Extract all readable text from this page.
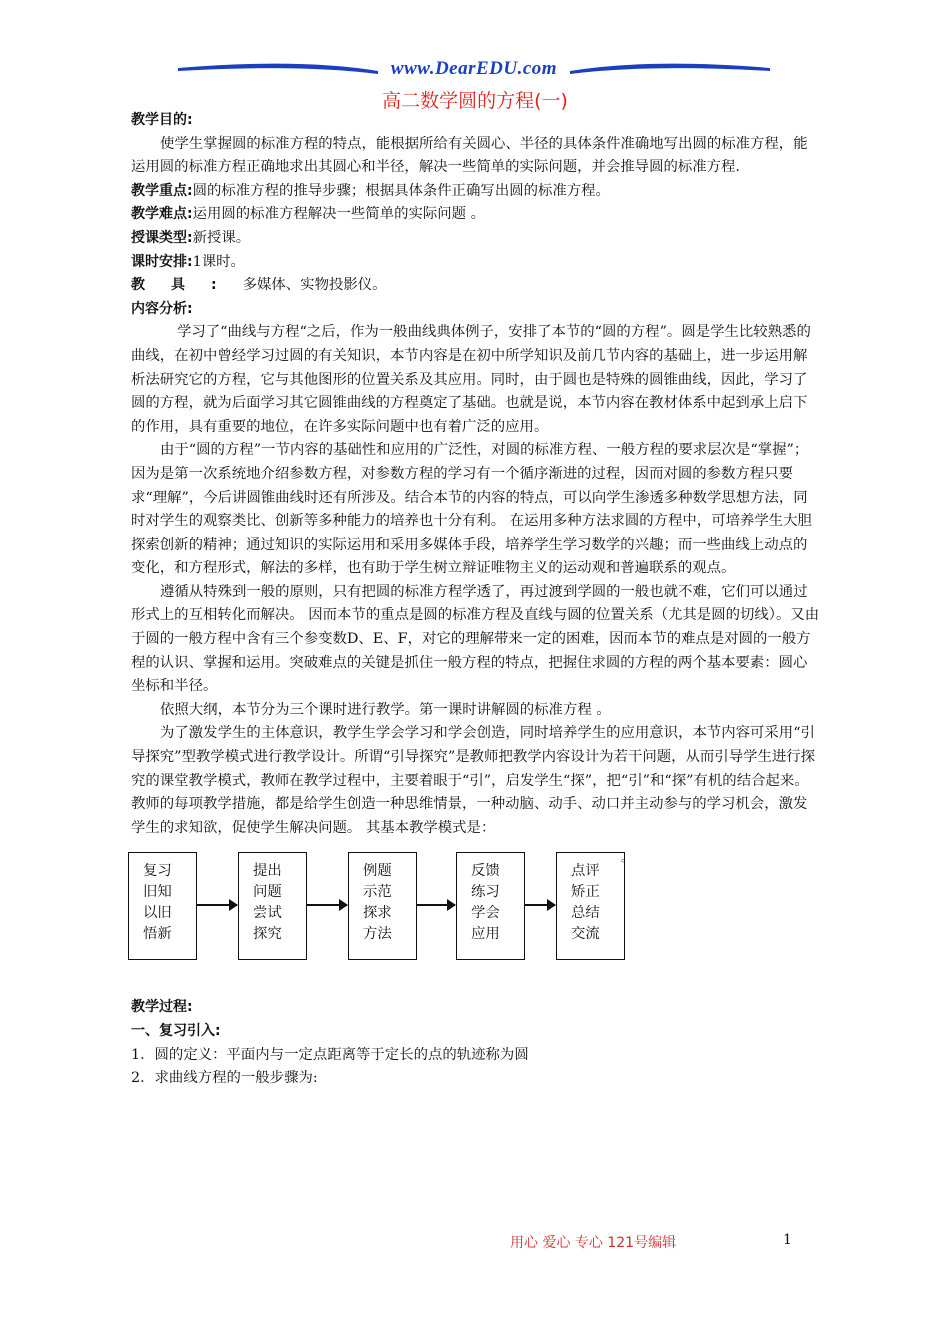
www.DearEDU.com
高二数学圆的方程(一)

教学目的:

使学生掌握圆的标准方程的特点，能根据所给有关圆心、半径的具体条件准确地写出圆的标准方程，能运用圆的标准方程正确地求出其圆心和半径，解决一些简单的实际问题，并会推导圆的标准方程.

教学重点:圆的标准方程的推导步骤；根据具体条件正确写出圆的标准方程。

教学难点:运用圆的标准方程解决一些简单的实际问题 。

授课类型:新授课。

课时安排:1课时。

教具:多媒体、实物投影仪。

内容分析:

学习了“曲线与方程“之后，作为一般曲线典体例子，安排了本节的“圆的方程”。圆是学生比较熟悉的曲线，在初中曾经学习过圆的有关知识，本节内容是在初中所学知识及前几节内容的基础上，进一步运用解析法研究它的方程，它与其他图形的位置关系及其应用。同时，由于圆也是特殊的圆锥曲线，因此，学习了圆的方程，就为后面学习其它圆锥曲线的方程奠定了基础。也就是说，本节内容在教材体系中起到承上启下的作用，具有重要的地位，在许多实际问题中也有着广泛的应用。

由于“圆的方程”一节内容的基础性和应用的广泛性，对圆的标准方程、一般方程的要求层次是“掌握”；因为是第一次系统地介绍参数方程，对参数方程的学习有一个循序渐进的过程，因而对圆的参数方程只要求“理解”，今后讲圆锥曲线时还有所涉及。结合本节的内容的特点，可以向学生渗透多种数学思想方法，同时对学生的观察类比、创新等多种能力的培养也十分有利。 在运用多种方法求圆的方程中，可培养学生大胆探索创新的精神；通过知识的实际运用和采用多媒体手段，培养学生学习数学的兴趣；而一些曲线上动点的变化，和方程形式，解法的多样，也有助于学生树立辩证唯物主义的运动观和普遍联系的观点。

遵循从特殊到一般的原则，只有把圆的标准方程学透了，再过渡到学圆的一般也就不难，它们可以通过形式上的互相转化而解决。 因而本节的重点是圆的标准方程及直线与圆的位置关系（尤其是圆的切线）。又由于圆的一般方程中含有三个参变数D、E、F，对它的理解带来一定的困难，因而本节的难点是对圆的一般方程的认识、掌握和运用。突破难点的关键是抓住一般方程的特点，把握住求圆的方程的两个基本要素：圆心坐标和半径。

依照大纲，本节分为三个课时进行教学。第一课时讲解圆的标准方程 。

为了激发学生的主体意识，教学生学会学习和学会创造，同时培养学生的应用意识，本节内容可采用“引导探究”型教学模式进行教学设计。所谓“引导探究”是教师把教学内容设计为若干问题，从而引导学生进行探究的课堂教学模式，教师在教学过程中，主要着眼于“引”，启发学生“探”，把“引”和“探”有机的结合起来。教师的每项教学措施，都是给学生创造一种思维情景，一种动脑、动手、动口并主动参与的学习机会，激发学生的求知欲，促使学生解决问题。 其基本教学模式是：

。
复习旧知以旧悟新
提出问题尝试探究
例题示范探求方法
反馈练习学会应用
点评矫正总结交流

教学过程:

一、复习引入:

1．圆的定义：平面内与一定点距离等于定长的点的轨迹称为圆

2．求曲线方程的一般步骤为:

用心 爱心 专心 121号编辑	1
